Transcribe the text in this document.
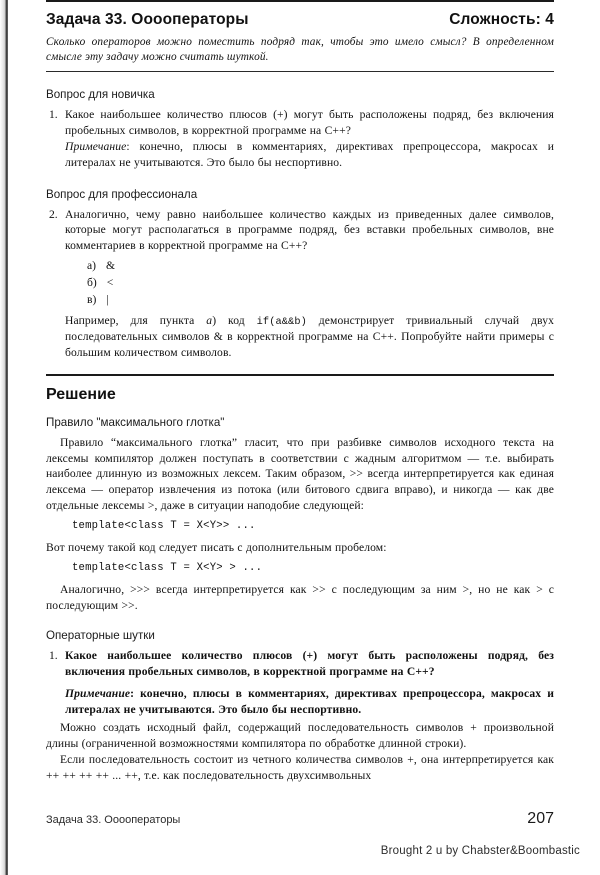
Задача 33. Ооооператоры	Сложность: 4
Сколько операторов можно поместить подряд так, чтобы это имело смысл? В определенном смысле эту задачу можно считать шуткой.
Вопрос для новичка
1. Какое наибольшее количество плюсов (+) могут быть расположены подряд, без включения пробельных символов, в корректной программе на C++?

Примечание: конечно, плюсы в комментариях, директивах препроцессора, макросах и литералах не учитываются. Это было бы неспортивно.

Вопрос для профессионала
2. Аналогично, чему равно наибольшее количество каждых из приведенных далее символов, которые могут располагаться в программе подряд, без вставки пробельных символов, вне комментариев в корректной программе на C++?

а) &
б) <
в) |

Например, для пункта a) код if(a&&b) демонстрирует тривиальный случай двух последовательных символов & в корректной программе на C++. Попробуйте найти примеры с большим количеством символов.

Решение
Правило "максимального глотка"

Правило “максимального глотка” гласит, что при разбивке символов исходного текста на лексемы компилятор должен поступать в соответствии с жадным алгоритмом — т.е. выбирать наиболее длинную из возможных лексем. Таким образом, >> всегда интерпретируется как единая лексема — оператор извлечения из потока (или битового сдвига вправо), и никогда — как две отдельные лексемы >, даже в ситуации наподобие следующей:

template<class T = X<Y>> ...

Вот почему такой код следует писать с дополнительным пробелом:

template<class T = X<Y> > ...

Аналогично, >>> всегда интерпретируется как >> с последующим за ним >, но не как > с последующим >>.

Операторные шутки
1. Какое наибольшее количество плюсов (+) могут быть расположены подряд, без включения пробельных символов, в корректной программе на C++?

Примечание: конечно, плюсы в комментариях, директивах препроцессора, макросах и литералах не учитываются. Это было бы неспортивно.

Можно создать исходный файл, содержащий последовательность символов + произвольной длины (ограниченной возможностями компилятора по обработке длинной строки).

Если последовательность состоит из четного количества символов +, она интерпретируется как ++ ++ ++ ++ ... ++, т.е. как последовательность двухсимвольных

Задача 33. Ооооператоры	207
Brought 2 u by Chabster&Boombastic
